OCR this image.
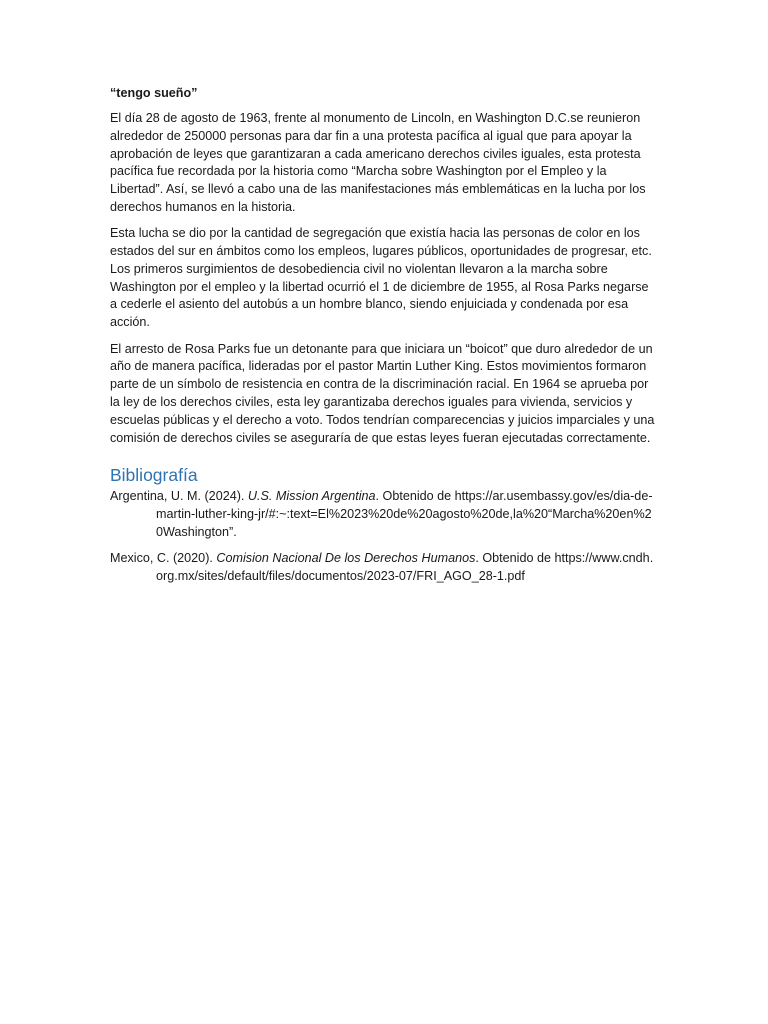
“tengo sueño”

El día 28 de agosto de 1963, frente al monumento de Lincoln, en Washington D.C.se reunieron alrededor de 250000 personas para dar fin a una protesta pacífica al igual que para apoyar la aprobación de leyes que garantizaran a cada americano derechos civiles iguales, esta protesta pacífica fue recordada por la historia como “Marcha sobre Washington por el Empleo y la Libertad”. Así, se llevó a cabo una de las manifestaciones más emblemáticas en la lucha por los derechos humanos en la historia.

Esta lucha se dio por la cantidad de segregación que existía hacia las personas de color en los estados del sur en ámbitos como los empleos, lugares públicos, oportunidades de progresar, etc. Los primeros surgimientos de desobediencia civil no violentan llevaron a la marcha sobre Washington por el empleo y la libertad ocurrió el 1 de diciembre de 1955, al Rosa Parks negarse a cederle el asiento del autobús a un hombre blanco, siendo enjuiciada y condenada por esa acción.

El arresto de Rosa Parks fue un detonante para que iniciara un “boicot” que duro alrededor de un año de manera pacífica, lideradas por el pastor Martin Luther King. Estos movimientos formaron parte de un símbolo de resistencia en contra de la discriminación racial. En 1964 se aprueba por la ley de los derechos civiles, esta ley garantizaba derechos iguales para vivienda, servicios y escuelas públicas y el derecho a voto. Todos tendrían comparecencias y juicios imparciales y una comisión de derechos civiles se aseguraría de que estas leyes fueran ejecutadas correctamente.

Bibliografía
Argentina, U. M. (2024). U.S. Mission Argentina. Obtenido de https://ar.usembassy.gov/es/dia-de-martin-luther-king-jr/#:~:text=El%2023%20de%20agosto%20de,la%20“Marcha%20en%20Washington”.
Mexico, C. (2020). Comision Nacional De los Derechos Humanos. Obtenido de https://www.cndh.org.mx/sites/default/files/documentos/2023-07/FRI_AGO_28-1.pdf
